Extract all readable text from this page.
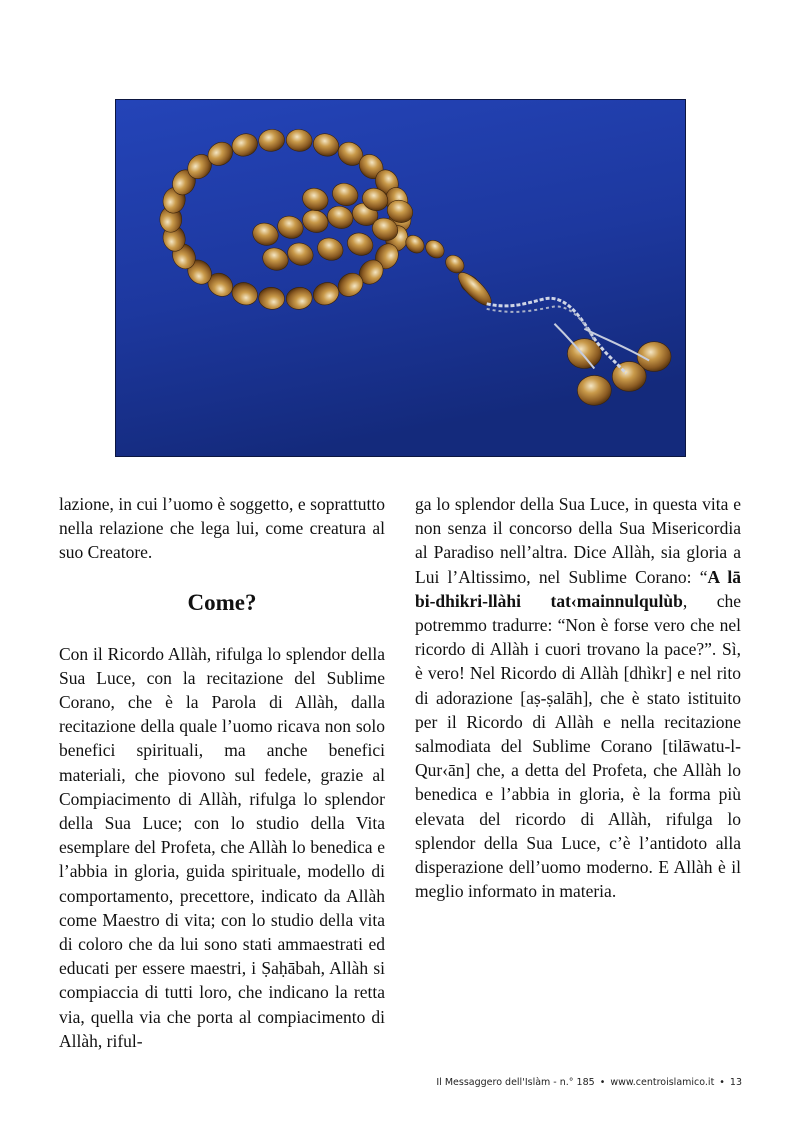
lazione, in cui l’uomo è soggetto, e soprattutto nella relazione che lega lui, come creatura al suo Creatore.

Come?

Con il Ricordo Allàh, rifulga lo splendor della Sua Luce, con la recitazione del Sublime Corano, che è la Parola di Allàh, dalla recitazione della quale l’uomo ricava non solo benefici spirituali, ma anche benefici materiali, che piovono sul fedele, grazie al Compiacimento di Allàh, rifulga lo splendor della Sua Luce; con lo studio della Vita esemplare del Profeta, che Allàh lo benedica e l’abbia in gloria, guida spirituale, modello di comportamento, precettore, indicato da Allàh come Maestro di vita; con lo studio della vita di coloro che da lui sono stati ammaestrati ed educati per essere maestri, i Ṣaḥābah, Allàh si compiaccia di tutti loro, che indicano la retta via, quella via che porta al compiacimento di Allàh, riful-

ga lo splendor della Sua Luce, in questa vita e non senza il concorso della Sua Misericordia al Paradiso nell’altra. Dice Allàh, sia gloria a Lui l’Altissimo, nel Sublime Corano: “A lā bi-dhikri-llàhi tat‹mainnulqulùb, che potremmo tradurre: “Non è forse vero che nel ricordo di Allàh i cuori trovano la pace?”. Sì, è vero! Nel Ricordo di Allàh [dhìkr] e nel rito di adorazione [aṣ-ṣalāh], che è stato istituito per il Ricordo di Allàh e nella recitazione salmodiata del Sublime Corano [tilāwatu-l-Qur‹ān] che, a detta del Profeta, che Allàh lo benedica e l’abbia in gloria, è la forma più elevata del ricordo di Allàh, rifulga lo splendor della Sua Luce, c’è l’antidoto alla disperazione dell’uomo moderno. E Allàh è il meglio informato in materia.

Il Messaggero dell'Islàm - n.° 185 • www.centroislamico.it • 13
